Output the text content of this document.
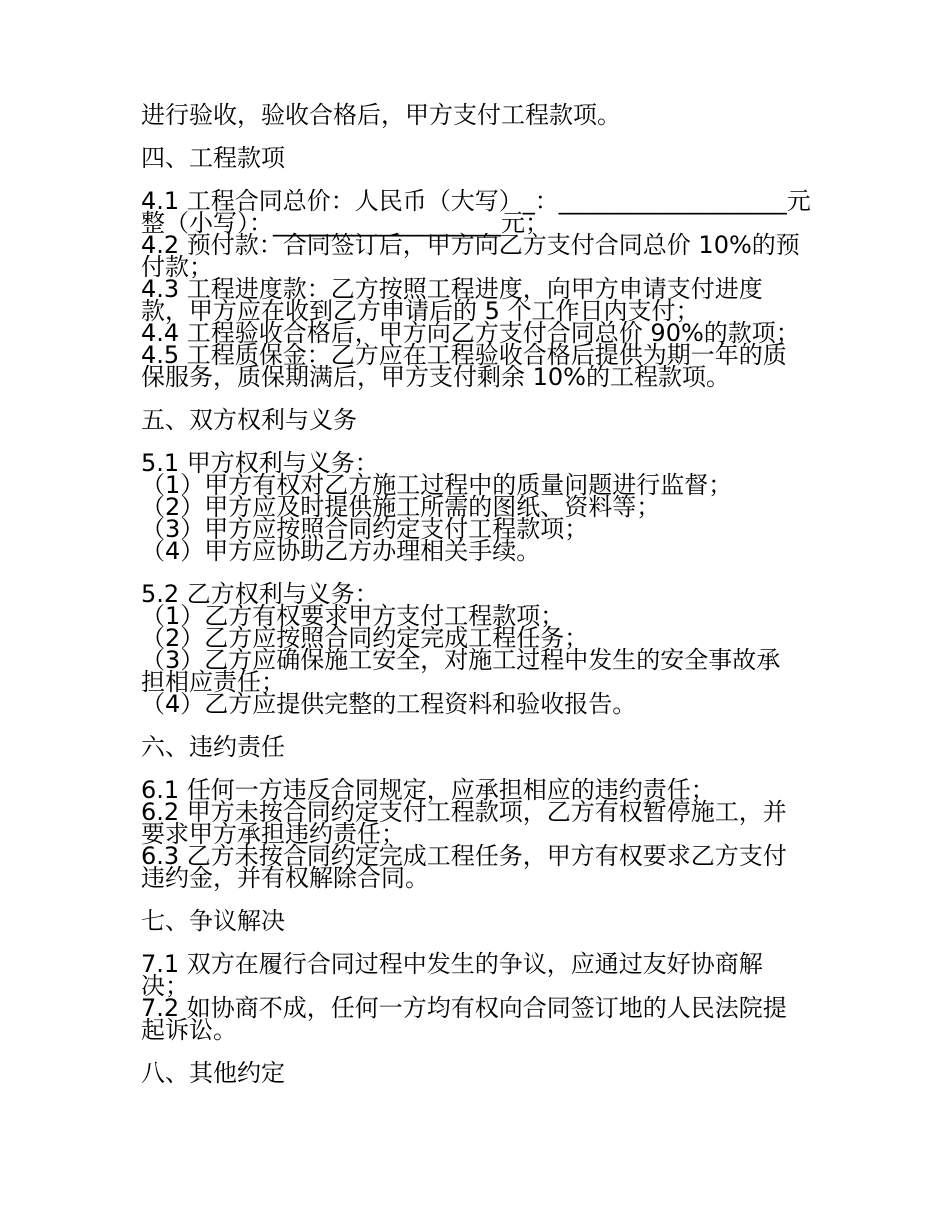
进行验收，验收合格后，甲方支付工程款项。

四、工程款项

4.1 工程合同总价：人民币（大写）_：___________________元

整（小写）：___________________元；

4.2 预付款：合同签订后，甲方向乙方支付合同总价 10%的预

付款；

4.3 工程进度款：乙方按照工程进度，向甲方申请支付进度

款，甲方应在收到乙方申请后的 5 个工作日内支付；

4.4 工程验收合格后，甲方向乙方支付合同总价 90%的款项；

4.5 工程质保金：乙方应在工程验收合格后提供为期一年的质

保服务，质保期满后，甲方支付剩余 10%的工程款项。

五、双方权利与义务

5.1 甲方权利与义务：

（1）甲方有权对乙方施工过程中的质量问题进行监督；

（2）甲方应及时提供施工所需的图纸、资料等；

（3）甲方应按照合同约定支付工程款项；

（4）甲方应协助乙方办理相关手续。

5.2 乙方权利与义务：

（1）乙方有权要求甲方支付工程款项；

（2）乙方应按照合同约定完成工程任务；

（3）乙方应确保施工安全，对施工过程中发生的安全事故承

担相应责任；

（4）乙方应提供完整的工程资料和验收报告。

六、违约责任

6.1 任何一方违反合同规定，应承担相应的违约责任；

6.2 甲方未按合同约定支付工程款项，乙方有权暂停施工，并

要求甲方承担违约责任；

6.3 乙方未按合同约定完成工程任务，甲方有权要求乙方支付

违约金，并有权解除合同。

七、争议解决

7.1 双方在履行合同过程中发生的争议，应通过友好协商解

决；

7.2 如协商不成，任何一方均有权向合同签订地的人民法院提

起诉讼。

八、其他约定
